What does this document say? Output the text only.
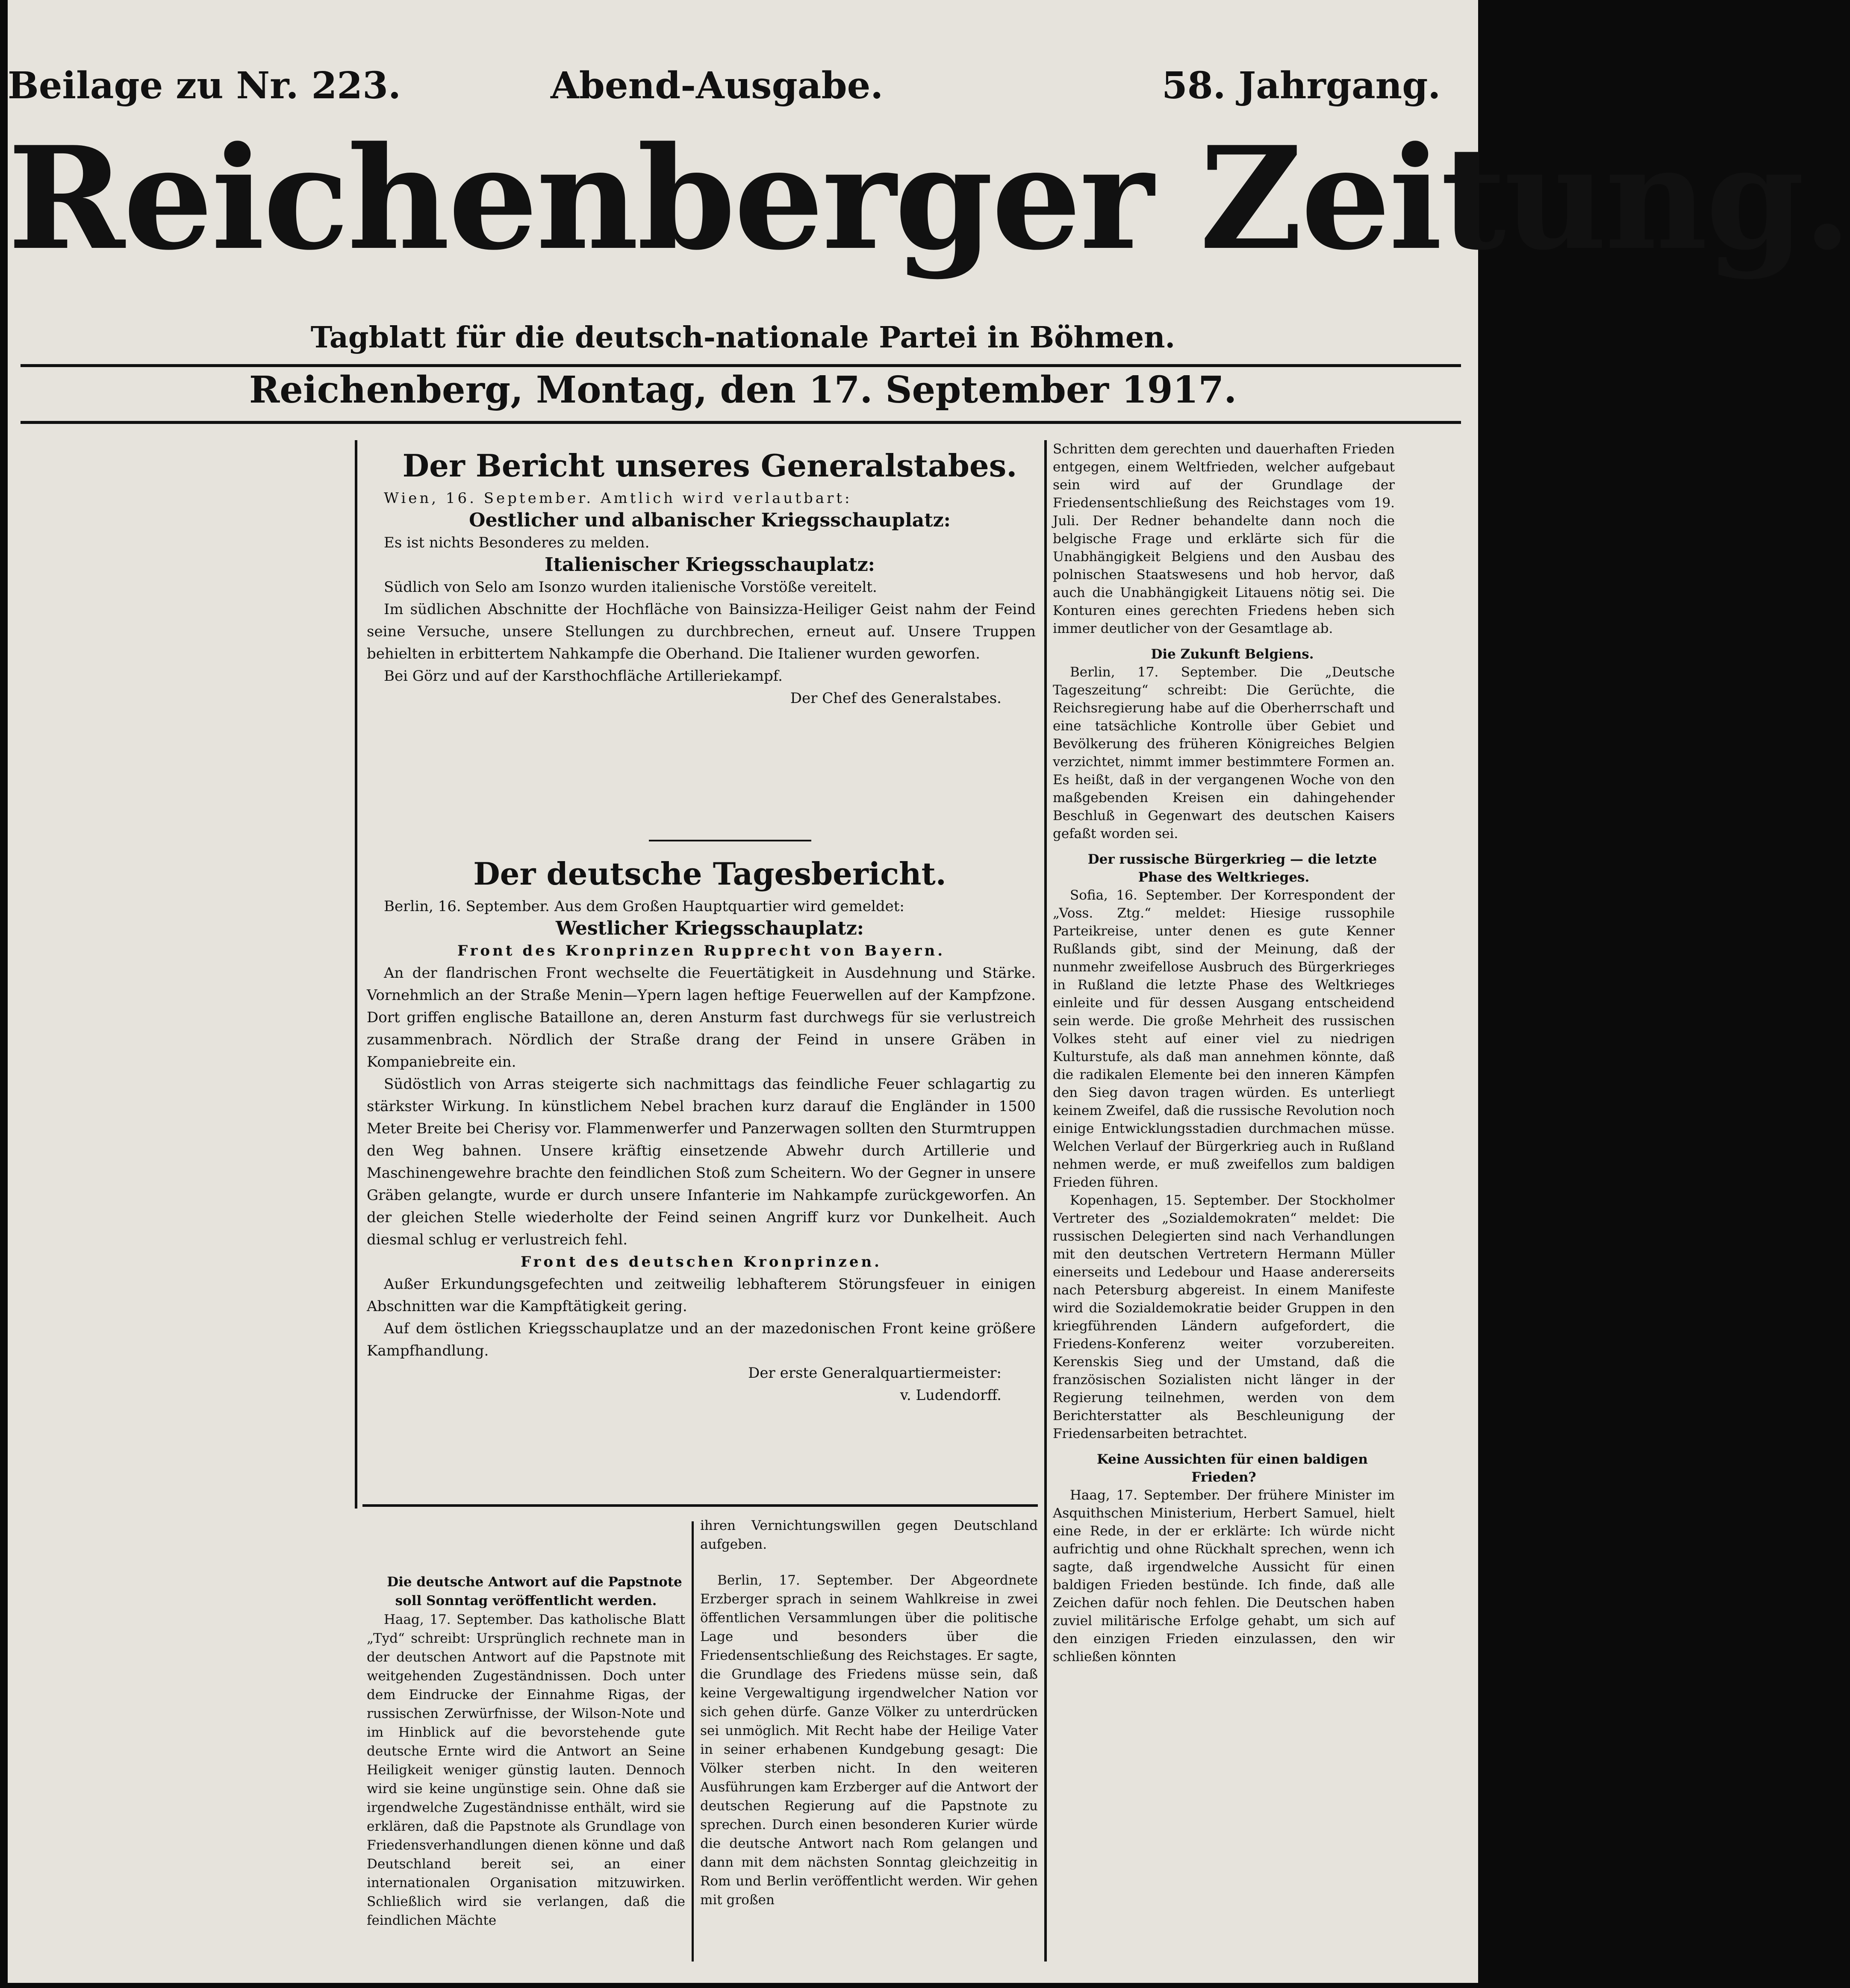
Beilage zu Nr. 223.	Abend-Ausgabe.	58. Jahrgang.
Reichenberger Zeitung.
Tagblatt für die deutsch-nationale Partei in Böhmen.
Reichenberg, Montag, den 17. September 1917.

Der Bericht unseres Generalstabes.

Wien, 16. September. Amtlich wird verlautbart:

Oestlicher und albanischer Kriegsschauplatz:

Es ist nichts Besonderes zu melden.

Italienischer Kriegsschauplatz:

Südlich von Selo am Isonzo wurden italienische Vorstöße vereitelt.

Im südlichen Abschnitte der Hochfläche von Bainsizza-Heiliger Geist nahm der Feind seine Versuche, unsere Stellungen zu durchbrechen, erneut auf. Unsere Truppen behielten in erbittertem Nahkampfe die Oberhand. Die Italiener wurden geworfen.

Bei Görz und auf der Karsthochfläche Artilleriekampf.

Der Chef des Generalstabes.

Der deutsche Tagesbericht.

Berlin, 16. September. Aus dem Großen Hauptquartier wird gemeldet:

Westlicher Kriegsschauplatz:

Front des Kronprinzen Rupprecht von Bayern.

An der flandrischen Front wechselte die Feuertätigkeit in Ausdehnung und Stärke. Vornehmlich an der Straße Menin—Ypern lagen heftige Feuerwellen auf der Kampfzone. Dort griffen englische Bataillone an, deren Ansturm fast durchwegs für sie verlustreich zusammenbrach. Nördlich der Straße drang der Feind in unsere Gräben in Kompaniebreite ein.

Südöstlich von Arras steigerte sich nachmittags das feindliche Feuer schlagartig zu stärkster Wirkung. In künstlichem Nebel brachen kurz darauf die Engländer in 1500 Meter Breite bei Cherisy vor. Flammenwerfer und Panzerwagen sollten den Sturmtruppen den Weg bahnen. Unsere kräftig einsetzende Abwehr durch Artillerie und Maschinengewehre brachte den feindlichen Stoß zum Scheitern. Wo der Gegner in unsere Gräben gelangte, wurde er durch unsere Infanterie im Nahkampfe zurückgeworfen. An der gleichen Stelle wiederholte der Feind seinen Angriff kurz vor Dunkelheit. Auch diesmal schlug er verlustreich fehl.

Front des deutschen Kronprinzen.

Außer Erkundungsgefechten und zeitweilig lebhafterem Störungsfeuer in einigen Abschnitten war die Kampftätigkeit gering.

Auf dem östlichen Kriegsschauplatze und an der mazedonischen Front keine größere Kampfhandlung.

Der erste Generalquartiermeister:

v. Ludendorff.

Die deutsche Antwort auf die Papstnote soll Sonntag veröffentlicht werden.

Haag, 17. September. Das katholische Blatt „Tyd“ schreibt: Ursprünglich rechnete man in der deutschen Antwort auf die Papstnote mit weitgehenden Zugeständnissen. Doch unter dem Eindrucke der Einnahme Rigas, der russischen Zerwürfnisse, der Wilson-Note und im Hinblick auf die bevorstehende gute deutsche Ernte wird die Antwort an Seine Heiligkeit weniger günstig lauten. Dennoch wird sie keine ungünstige sein. Ohne daß sie irgendwelche Zugeständnisse enthält, wird sie erklären, daß die Papstnote als Grundlage von Friedensverhandlungen dienen könne und daß Deutschland bereit sei, an einer internationalen Organisation mitzuwirken. Schließlich wird sie verlangen, daß die feindlichen Mächte

ihren Vernichtungswillen gegen Deutschland aufgeben.

Berlin, 17. September. Der Abgeordnete Erzberger sprach in seinem Wahlkreise in zwei öffentlichen Versammlungen über die politische Lage und besonders über die Friedensentschließung des Reichstages. Er sagte, die Grundlage des Friedens müsse sein, daß keine Vergewaltigung irgendwelcher Nation vor sich gehen dürfe. Ganze Völker zu unterdrücken sei unmöglich. Mit Recht habe der Heilige Vater in seiner erhabenen Kundgebung gesagt: Die Völker sterben nicht. In den weiteren Ausführungen kam Erzberger auf die Antwort der deutschen Regierung auf die Papstnote zu sprechen. Durch einen besonderen Kurier würde die deutsche Antwort nach Rom gelangen und dann mit dem nächsten Sonntag gleichzeitig in Rom und Berlin veröffentlicht werden. Wir gehen mit großen

Schritten dem gerechten und dauerhaften Frieden entgegen, einem Weltfrieden, welcher aufgebaut sein wird auf der Grundlage der Friedensentschließung des Reichstages vom 19. Juli. Der Redner behandelte dann noch die belgische Frage und erklärte sich für die Unabhängigkeit Belgiens und den Ausbau des polnischen Staatswesens und hob hervor, daß auch die Unabhängigkeit Litauens nötig sei. Die Konturen eines gerechten Friedens heben sich immer deutlicher von der Gesamtlage ab.

Die Zukunft Belgiens.

Berlin, 17. September. Die „Deutsche Tageszeitung“ schreibt: Die Gerüchte, die Reichsregierung habe auf die Oberherrschaft und eine tatsächliche Kontrolle über Gebiet und Bevölkerung des früheren Königreiches Belgien verzichtet, nimmt immer bestimmtere Formen an. Es heißt, daß in der vergangenen Woche von den maßgebenden Kreisen ein dahingehender Beschluß in Gegenwart des deutschen Kaisers gefaßt worden sei.

Der russische Bürgerkrieg — die letzte Phase des Weltkrieges.

Sofia, 16. September. Der Korrespondent der „Voss. Ztg.“ meldet: Hiesige russophile Parteikreise, unter denen es gute Kenner Rußlands gibt, sind der Meinung, daß der nunmehr zweifellose Ausbruch des Bürgerkrieges in Rußland die letzte Phase des Weltkrieges einleite und für dessen Ausgang entscheidend sein werde. Die große Mehrheit des russischen Volkes steht auf einer viel zu niedrigen Kulturstufe, als daß man annehmen könnte, daß die radikalen Elemente bei den inneren Kämpfen den Sieg davon tragen würden. Es unterliegt keinem Zweifel, daß die russische Revolution noch einige Entwicklungsstadien durchmachen müsse. Welchen Verlauf der Bürgerkrieg auch in Rußland nehmen werde, er muß zweifellos zum baldigen Frieden führen.

Kopenhagen, 15. September. Der Stockholmer Vertreter des „Sozialdemokraten“ meldet: Die russischen Delegierten sind nach Verhandlungen mit den deutschen Vertretern Hermann Müller einerseits und Ledebour und Haase andererseits nach Petersburg abgereist. In einem Manifeste wird die Sozialdemokratie beider Gruppen in den kriegführenden Ländern aufgefordert, die Friedens-Konferenz weiter vorzubereiten. Kerenskis Sieg und der Umstand, daß die französischen Sozialisten nicht länger in der Regierung teilnehmen, werden von dem Berichterstatter als Beschleunigung der Friedensarbeiten betrachtet.

Keine Aussichten für einen baldigen Frieden?

Haag, 17. September. Der frühere Minister im Asquithschen Ministerium, Herbert Samuel, hielt eine Rede, in der er erklärte: Ich würde nicht aufrichtig und ohne Rückhalt sprechen, wenn ich sagte, daß irgendwelche Aussicht für einen baldigen Frieden bestünde. Ich finde, daß alle Zeichen dafür noch fehlen. Die Deutschen haben zuviel militärische Erfolge gehabt, um sich auf den einzigen Frieden einzulassen, den wir schließen könnten
